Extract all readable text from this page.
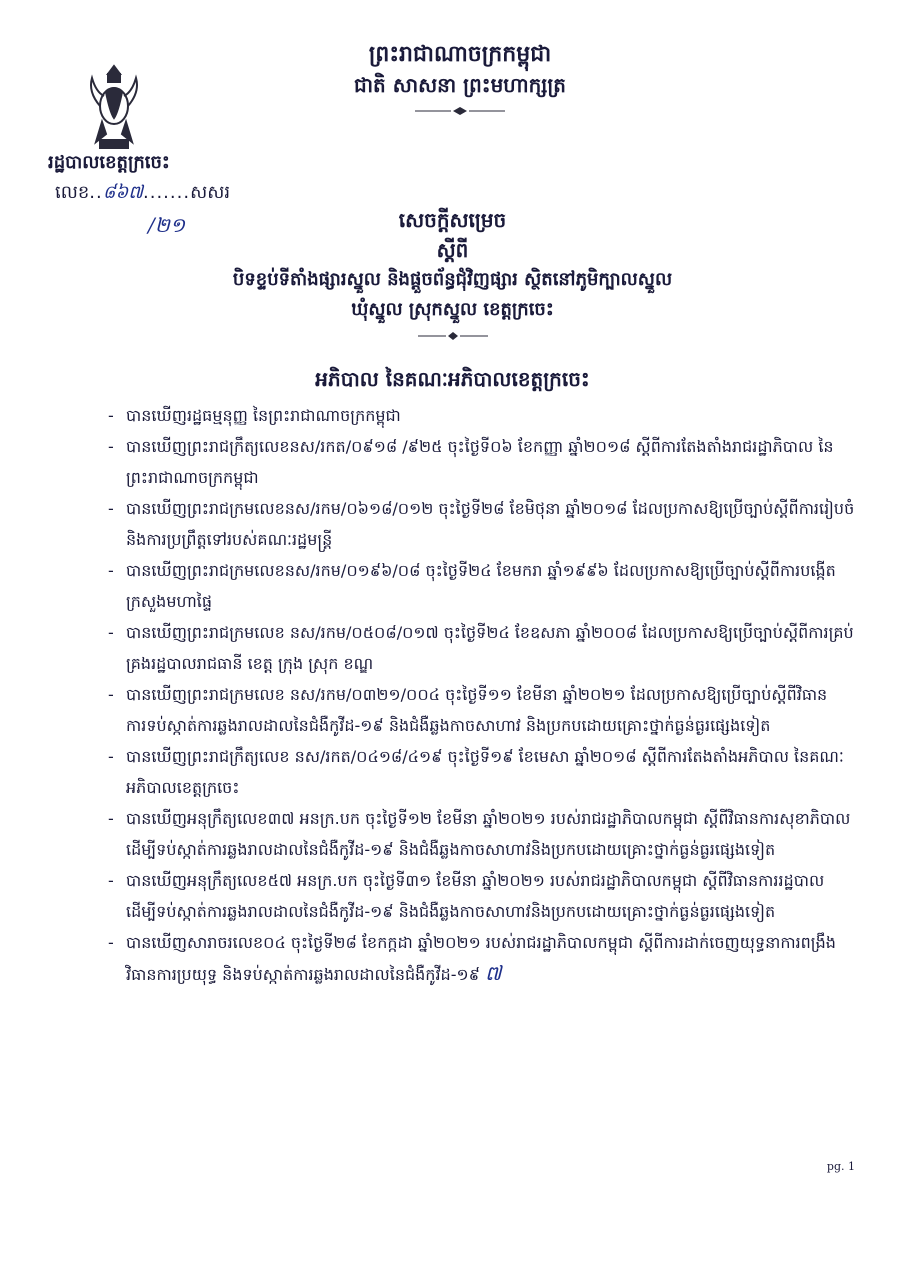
ព្រះរាជាណាចក្រកម្ពុជា
ជាតិ សាសនា ព្រះមហាក្សត្រ
រដ្ឋបាលខេត្តក្រចេះ
លេខ..៨៦៧.......សសរ
/២១	សេចក្តីសម្រេច
ស្តីពី
បិទខ្ទប់ទីតាំងផ្សារស្នួល និងផ្តួចព័ន្ធជុំវិញផ្សារ ស្ថិតនៅភូមិក្បាលស្នួល
ឃុំស្នួល ស្រុកស្នួល ខេត្តក្រចេះ
អភិបាល នៃគណៈអភិបាលខេត្តក្រចេះ
- បានឃើញរដ្ឋធម្មនុញ្ញ នៃព្រះរាជាណាចក្រកម្ពុជា
- បានឃើញព្រះរាជក្រឹត្យលេខនស/រកត/០៩១៨ /៩២៥ ចុះថ្ងៃទី០៦ ខែកញ្ញា ឆ្នាំ២០១៨ ស្តីពីការតែងតាំងរាជរដ្ឋាភិបាល នៃព្រះរាជាណាចក្រកម្ពុជា
- បានឃើញព្រះរាជក្រមលេខនស/រកម/០៦១៨/០១២ ចុះថ្ងៃទី២៨ ខែមិថុនា ឆ្នាំ២០១៨ ដែលប្រកាសឱ្យប្រើច្បាប់ស្តីពីការរៀបចំ និងការប្រព្រឹត្តទៅរបស់គណៈរដ្ឋមន្ត្រី
- បានឃើញព្រះរាជក្រមលេខនស/រកម/០១៩៦/០៨ ចុះថ្ងៃទី២៤ ខែមករា ឆ្នាំ១៩៩៦ ដែលប្រកាសឱ្យប្រើច្បាប់ស្តីពីការបង្កើតក្រសួងមហាផ្ទៃ
- បានឃើញព្រះរាជក្រមលេខ នស/រកម/០៥០៨/០១៧ ចុះថ្ងៃទី២៤ ខែឧសភា ឆ្នាំ២០០៨ ដែលប្រកាសឱ្យប្រើច្បាប់ស្តីពីការគ្រប់គ្រងរដ្ឋបាលរាជធានី ខេត្ត ក្រុង ស្រុក ខណ្ឌ
- បានឃើញព្រះរាជក្រមលេខ នស/រកម/០៣២១/០០៤ ចុះថ្ងៃទី១១ ខែមីនា ឆ្នាំ២០២១ ដែលប្រកាសឱ្យប្រើច្បាប់ស្តីពីវិធានការទប់ស្កាត់ការឆ្លងរាលដាលនៃជំងឺកូវីដ-១៩ និងជំងឺឆ្លងកាចសាហាវ និងប្រកបដោយគ្រោះថ្នាក់ធ្ងន់ធ្ងរផ្សេងទៀត
- បានឃើញព្រះរាជក្រឹត្យលេខ នស/រកត/០៤១៨/៤១៩ ចុះថ្ងៃទី១៩ ខែមេសា ឆ្នាំ២០១៨ ស្តីពីការតែងតាំងអភិបាល នៃគណៈអភិបាលខេត្តក្រចេះ
- បានឃើញអនុក្រឹត្យលេខ៣៧ អនក្រ.បក ចុះថ្ងៃទី១២ ខែមីនា ឆ្នាំ២០២១ របស់រាជរដ្ឋាភិបាលកម្ពុជា ស្តីពីវិធានការសុខាភិបាលដើម្បីទប់ស្កាត់ការឆ្លងរាលដាលនៃជំងឺកូវីដ-១៩ និងជំងឺឆ្លងកាចសាហាវនិងប្រកបដោយគ្រោះថ្នាក់ធ្ងន់ធ្ងរផ្សេងទៀត
- បានឃើញអនុក្រឹត្យលេខ៥៧ អនក្រ.បក ចុះថ្ងៃទី៣១ ខែមីនា ឆ្នាំ២០២១ របស់រាជរដ្ឋាភិបាលកម្ពុជា ស្តីពីវិធានការរដ្ឋបាលដើម្បីទប់ស្កាត់ការឆ្លងរាលដាលនៃជំងឺកូវីដ-១៩ និងជំងឺឆ្លងកាចសាហាវនិងប្រកបដោយគ្រោះថ្នាក់ធ្ងន់ធ្ងរផ្សេងទៀត
- បានឃើញសារាចរលេខ០៤ ចុះថ្ងៃទី២៨ ខែកក្កដា ឆ្នាំ២០២១ របស់រាជរដ្ឋាភិបាលកម្ពុជា ស្តីពីការដាក់ចេញយុទ្ធនាការពង្រឹងវិធានការប្រយុទ្ធ និងទប់ស្កាត់ការឆ្លងរាលដាលនៃជំងឺកូវីដ-១៩ ៧
pg. 1
